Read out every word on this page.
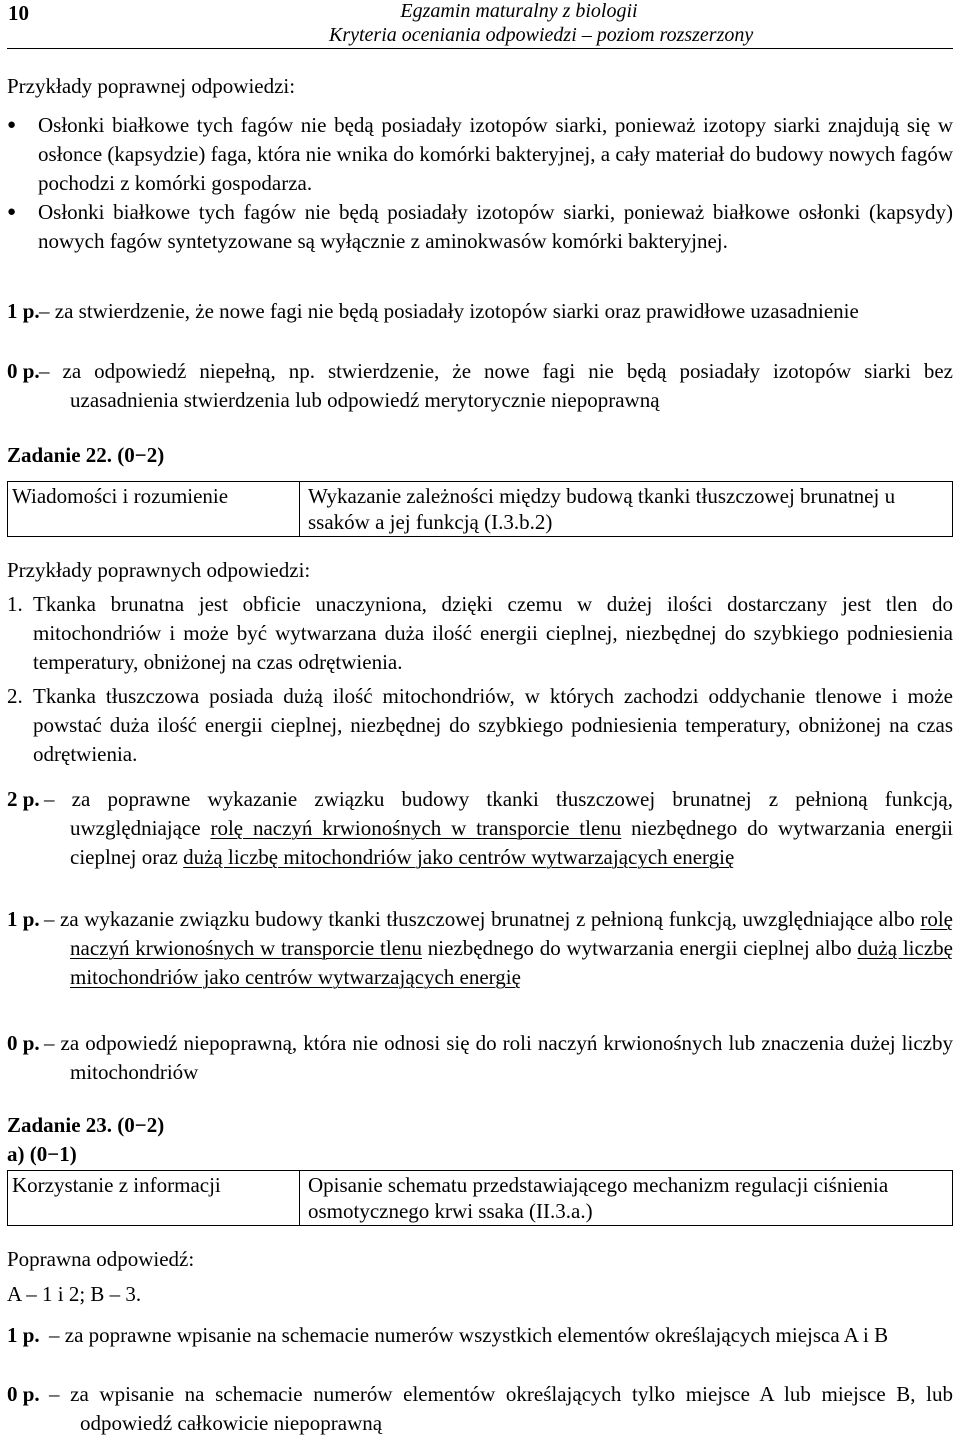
10	Egzamin maturalny z biologii
Kryteria oceniania odpowiedzi – poziom rozszerzony
Przykłady poprawnej odpowiedzi:
●	Osłonki białkowe tych fagów nie będą posiadały izotopów siarki, ponieważ izotopy siarki znajdują się w osłonce (kapsydzie) faga, która nie wnika do komórki bakteryjnej, a cały materiał do budowy nowych fagów pochodzi z komórki gospodarza.
●	Osłonki białkowe tych fagów nie będą posiadały izotopów siarki, ponieważ białkowe osłonki (kapsydy) nowych fagów syntetyzowane są wyłącznie z aminokwasów komórki bakteryjnej.
1 p. – za stwierdzenie, że nowe fagi nie będą posiadały izotopów siarki oraz prawidłowe uzasadnienie
0 p. – za odpowiedź niepełną, np. stwierdzenie, że nowe fagi nie będą posiadały izotopów siarki bez uzasadnienia stwierdzenia lub odpowiedź merytorycznie niepoprawną
Zadanie 22. (0−2)
Wiadomości i rozumienie	Wykazanie zależności między budową tkanki tłuszczowej brunatnej u ssaków a jej funkcją (I.3.b.2)
Przykłady poprawnych odpowiedzi:
1. Tkanka brunatna jest obficie unaczyniona, dzięki czemu w dużej ilości dostarczany jest tlen do mitochondriów i może być wytwarzana duża ilość energii cieplnej, niezbędnej do szybkiego podniesienia temperatury, obniżonej na czas odrętwienia.
2. Tkanka tłuszczowa posiada dużą ilość mitochondriów, w których zachodzi oddychanie tlenowe i może powstać duża ilość energii cieplnej, niezbędnej do szybkiego podniesienia temperatury, obniżonej na czas odrętwienia.
2 p. – za poprawne wykazanie związku budowy tkanki tłuszczowej brunatnej z pełnioną funkcją, uwzględniające rolę naczyń krwionośnych w transporcie tlenu niezbędnego do wytwarzania energii cieplnej oraz dużą liczbę mitochondriów jako centrów wytwarzających energię
1 p. – za wykazanie związku budowy tkanki tłuszczowej brunatnej z pełnioną funkcją, uwzględniające albo rolę naczyń krwionośnych w transporcie tlenu niezbędnego do wytwarzania energii cieplnej albo dużą liczbę mitochondriów jako centrów wytwarzających energię
0 p. – za odpowiedź niepoprawną, która nie odnosi się do roli naczyń krwionośnych lub znaczenia dużej liczby mitochondriów
Zadanie 23. (0−2)
a) (0−1)
Korzystanie z informacji	Opisanie schematu przedstawiającego mechanizm regulacji ciśnienia osmotycznego krwi ssaka (II.3.a.)
Poprawna odpowiedź:
A – 1 i 2; B – 3.
1 p. – za poprawne wpisanie na schemacie numerów wszystkich elementów określających miejsca A i B
0 p. – za wpisanie na schemacie numerów elementów określających tylko miejsce A lub miejsce B, lub odpowiedź całkowicie niepoprawną
